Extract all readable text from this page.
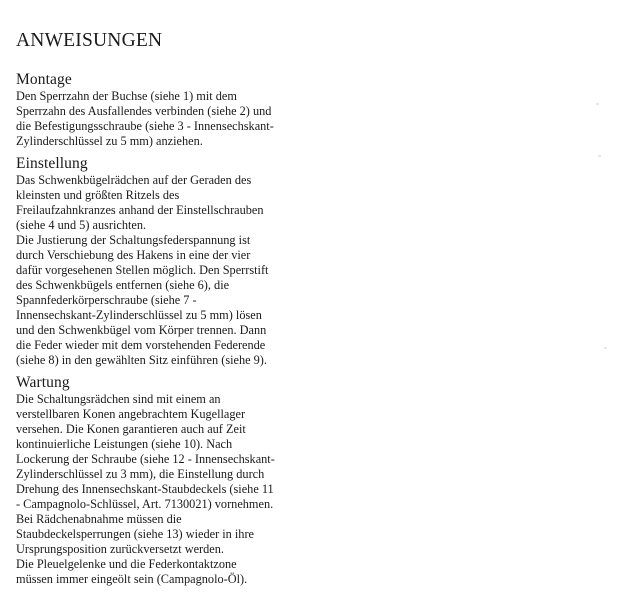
ANWEISUNGEN
Montage

Den Sperrzahn der Buchse (siehe 1) mit dem
Sperrzahn des Ausfallendes verbinden (siehe 2) und
die Befestigungsschraube (siehe 3 - Innensechskant-
Zylinderschlüssel zu 5 mm) anziehen.

Einstellung

Das Schwenkbügelrädchen auf der Geraden des
kleinsten und größten Ritzels des
Freilaufzahnkranzes anhand der Einstellschrauben
(siehe 4 und 5) ausrichten.
Die Justierung der Schaltungsfederspannung ist
durch Verschiebung des Hakens in eine der vier
dafür vorgesehenen Stellen möglich. Den Sperrstift
des Schwenkbügels entfernen (siehe 6), die
Spannfederkörperschraube (siehe 7 -
Innensechskant-Zylinderschlüssel zu 5 mm) lösen
und den Schwenkbügel vom Körper trennen. Dann
die Feder wieder mit dem vorstehenden Federende
(siehe 8) in den gewählten Sitz einführen (siehe 9).

Wartung

Die Schaltungsrädchen sind mit einem an
verstellbaren Konen angebrachtem Kugellager
versehen. Die Konen garantieren auch auf Zeit
kontinuierliche Leistungen (siehe 10). Nach
Lockerung der Schraube (siehe 12 - Innensechskant-
Zylinderschlüssel zu 3 mm), die Einstellung durch
Drehung des Innensechskant-Staubdeckels (siehe 11
- Campagnolo-Schlüssel, Art. 7130021) vornehmen.
Bei Rädchenabnahme müssen die
Staubdeckelsperrungen (siehe 13) wieder in ihre
Ursprungsposition zurückversetzt werden.
Die Pleuelgelenke und die Federkontaktzone
müssen immer eingeölt sein (Campagnolo-Öl).
